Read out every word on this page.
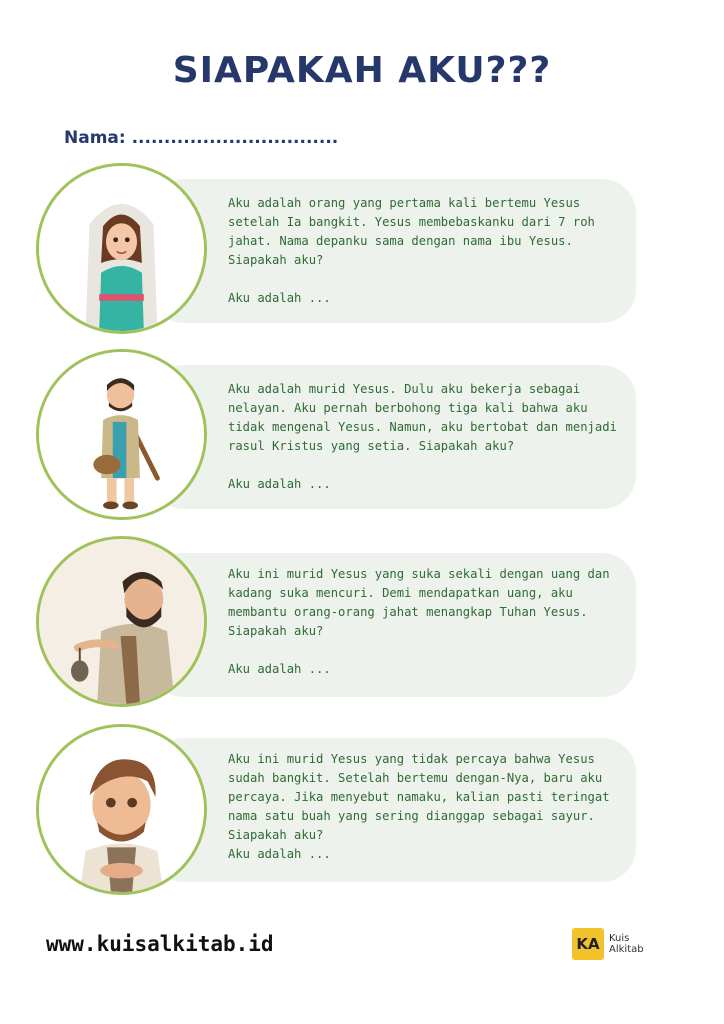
SIAPAKAH AKU???
Nama: ................................

Aku adalah orang yang pertama kali bertemu Yesus

setelah Ia bangkit. Yesus membebaskanku dari 7 roh

jahat. Nama depanku sama dengan nama ibu Yesus.

Siapakah aku?

Aku adalah ...

Aku adalah murid Yesus. Dulu aku bekerja sebagai

nelayan. Aku pernah berbohong tiga kali bahwa aku

tidak mengenal Yesus. Namun, aku bertobat dan menjadi

rasul Kristus yang setia. Siapakah aku?

Aku adalah ...

Aku ini murid Yesus yang suka sekali dengan uang dan

kadang suka mencuri. Demi mendapatkan uang, aku

membantu orang-orang jahat menangkap Tuhan Yesus.

Siapakah aku?

Aku adalah ...

Aku ini murid Yesus yang tidak percaya bahwa Yesus

sudah bangkit. Setelah bertemu dengan-Nya, baru aku

percaya. Jika menyebut namaku, kalian pasti teringat

nama satu buah yang sering dianggap sebagai sayur.

Siapakah aku?

Aku adalah ...

www.kuisalkitab.id	KA Kuis
Alkitab
